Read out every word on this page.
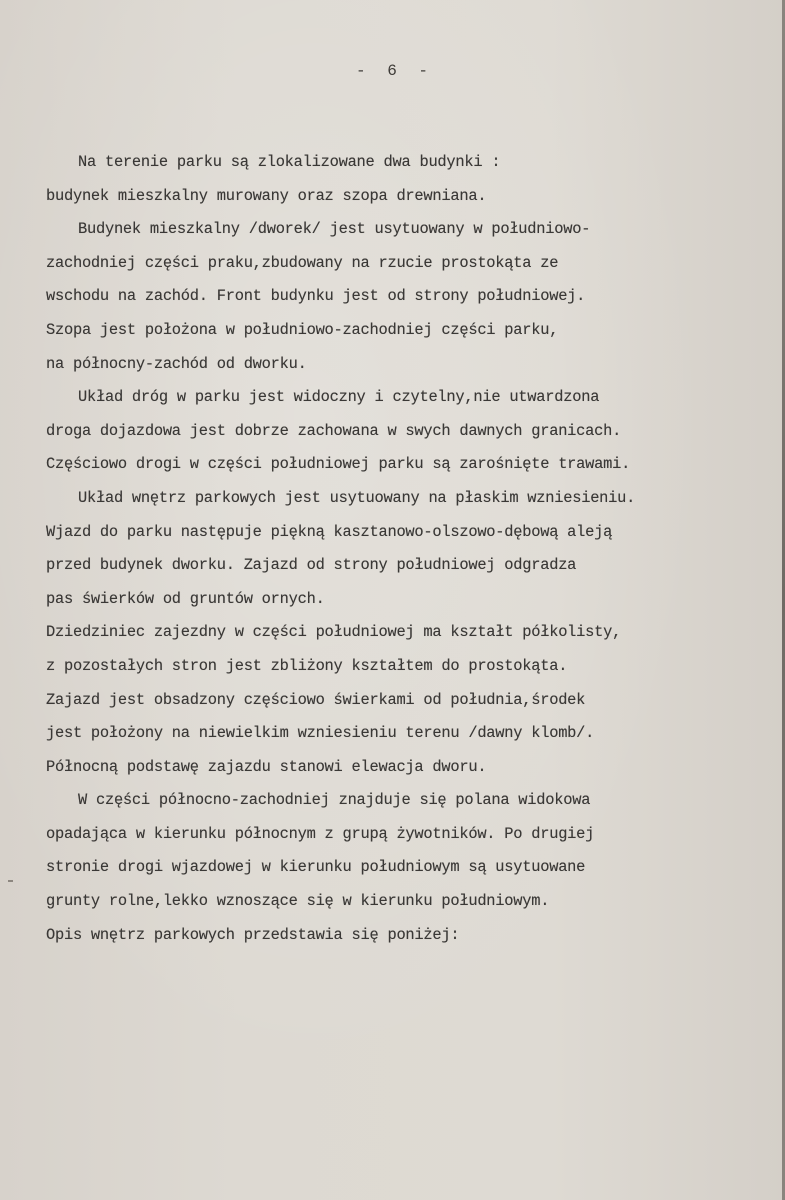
- 6 -
Na terenie parku są zlokalizowane dwa budynki :
budynek mieszkalny murowany oraz szopa drewniana.
Budynek mieszkalny /dworek/ jest usytuowany w południowo-
zachodniej części praku,zbudowany na rzucie prostokąta ze
wschodu na zachód. Front budynku jest od strony południowej.
Szopa jest położona w południowo-zachodniej części parku,
na północny-zachód od dworku.
Układ dróg w parku jest widoczny i czytelny,nie utwardzona
droga dojazdowa jest dobrze zachowana w swych dawnych granicach.
Częściowo drogi w części południowej parku są zarośnięte trawami.
Układ wnętrz parkowych jest usytuowany na płaskim wzniesieniu.
Wjazd do parku następuje piękną kasztanowo-olszowo-dębową aleją
przed budynek dworku. Zajazd od strony południowej odgradza
pas świerków od gruntów ornych.
Dziedziniec zajezdny w części południowej ma kształt półkolisty,
z pozostałych stron jest zbliżony kształtem do prostokąta.
Zajazd jest obsadzony częściowo świerkami od południa,środek
jest położony na niewielkim wzniesieniu terenu /dawny klomb/.
Północną podstawę zajazdu stanowi elewacja dworu.
W części północno-zachodniej znajduje się polana widokowa
opadająca w kierunku północnym z grupą żywotników. Po drugiej
stronie drogi wjazdowej w kierunku południowym są usytuowane
grunty rolne,lekko wznoszące się w kierunku południowym.
Opis wnętrz parkowych przedstawia się poniżej:
